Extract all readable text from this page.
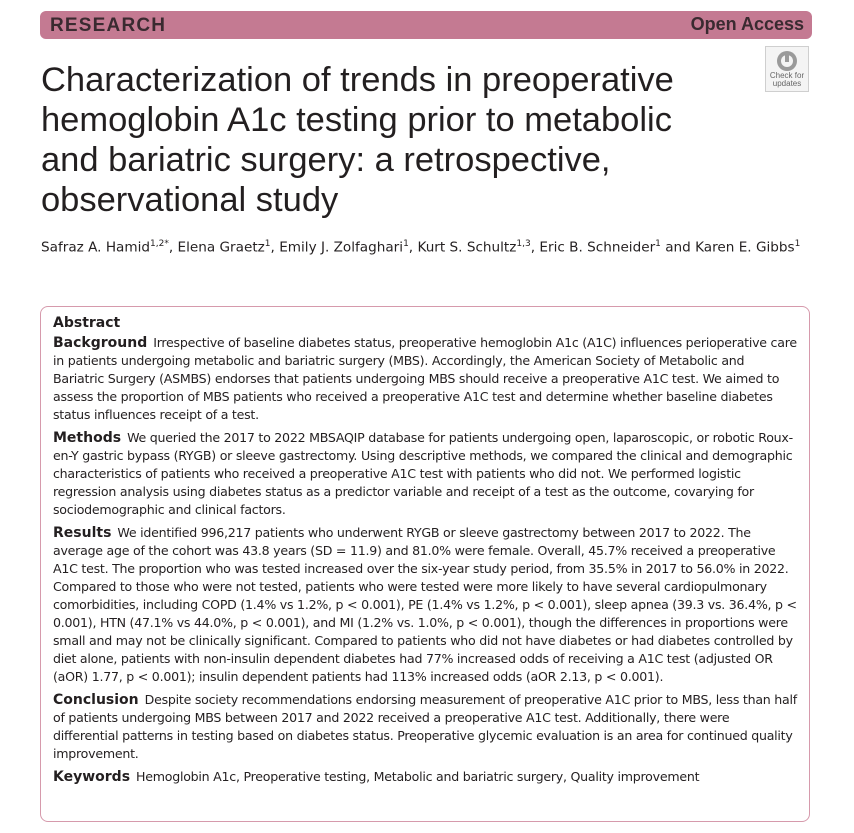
RESEARCH	Open Access
Characterization of trends in preoperative hemoglobin A1c testing prior to metabolic and bariatric surgery: a retrospective, observational study
Check for
updates
Safraz A. Hamid$^{1,2*}$, Elena Graetz$^1$, Emily J. Zolfaghari$^1$, Kurt S. Schultz$^{1,3}$, Eric B. Schneider$^1$ and Karen E. Gibbs$^1$
Abstract

Background Irrespective of baseline diabetes status, preoperative hemoglobin A1c (A1C) influences perioperative care in patients undergoing metabolic and bariatric surgery (MBS). Accordingly, the American Society of Metabolic and Bariatric Surgery (ASMBS) endorses that patients undergoing MBS should receive a preoperative A1C test. We aimed to assess the proportion of MBS patients who received a preoperative A1C test and determine whether baseline diabetes status influences receipt of a test.

Methods We queried the 2017 to 2022 MBSAQIP database for patients undergoing open, laparoscopic, or robotic Roux-en-Y gastric bypass (RYGB) or sleeve gastrectomy. Using descriptive methods, we compared the clinical and demographic characteristics of patients who received a preoperative A1C test with patients who did not. We performed logistic regression analysis using diabetes status as a predictor variable and receipt of a test as the outcome, covarying for sociodemographic and clinical factors.

Results We identified 996,217 patients who underwent RYGB or sleeve gastrectomy between 2017 to 2022. The average age of the cohort was 43.8 years (SD = 11.9) and 81.0% were female. Overall, 45.7% received a preoperative A1C test. The proportion who was tested increased over the six-year study period, from 35.5% in 2017 to 56.0% in 2022. Compared to those who were not tested, patients who were tested were more likely to have several cardiopulmonary comorbidities, including COPD (1.4% vs 1.2%, p < 0.001), PE (1.4% vs 1.2%, p < 0.001), sleep apnea (39.3 vs. 36.4%, p < 0.001), HTN (47.1% vs 44.0%, p < 0.001), and MI (1.2% vs. 1.0%, p < 0.001), though the differences in proportions were small and may not be clinically significant. Compared to patients who did not have diabetes or had diabetes controlled by diet alone, patients with non-insulin dependent diabetes had 77% increased odds of receiving a A1C test (adjusted OR (aOR) 1.77, p < 0.001); insulin dependent patients had 113% increased odds (aOR 2.13, p < 0.001).

Conclusion Despite society recommendations endorsing measurement of preoperative A1C prior to MBS, less than half of patients undergoing MBS between 2017 and 2022 received a preoperative A1C test. Additionally, there were differential patterns in testing based on diabetes status. Preoperative glycemic evaluation is an area for continued quality improvement.

Keywords Hemoglobin A1c, Preoperative testing, Metabolic and bariatric surgery, Quality improvement
